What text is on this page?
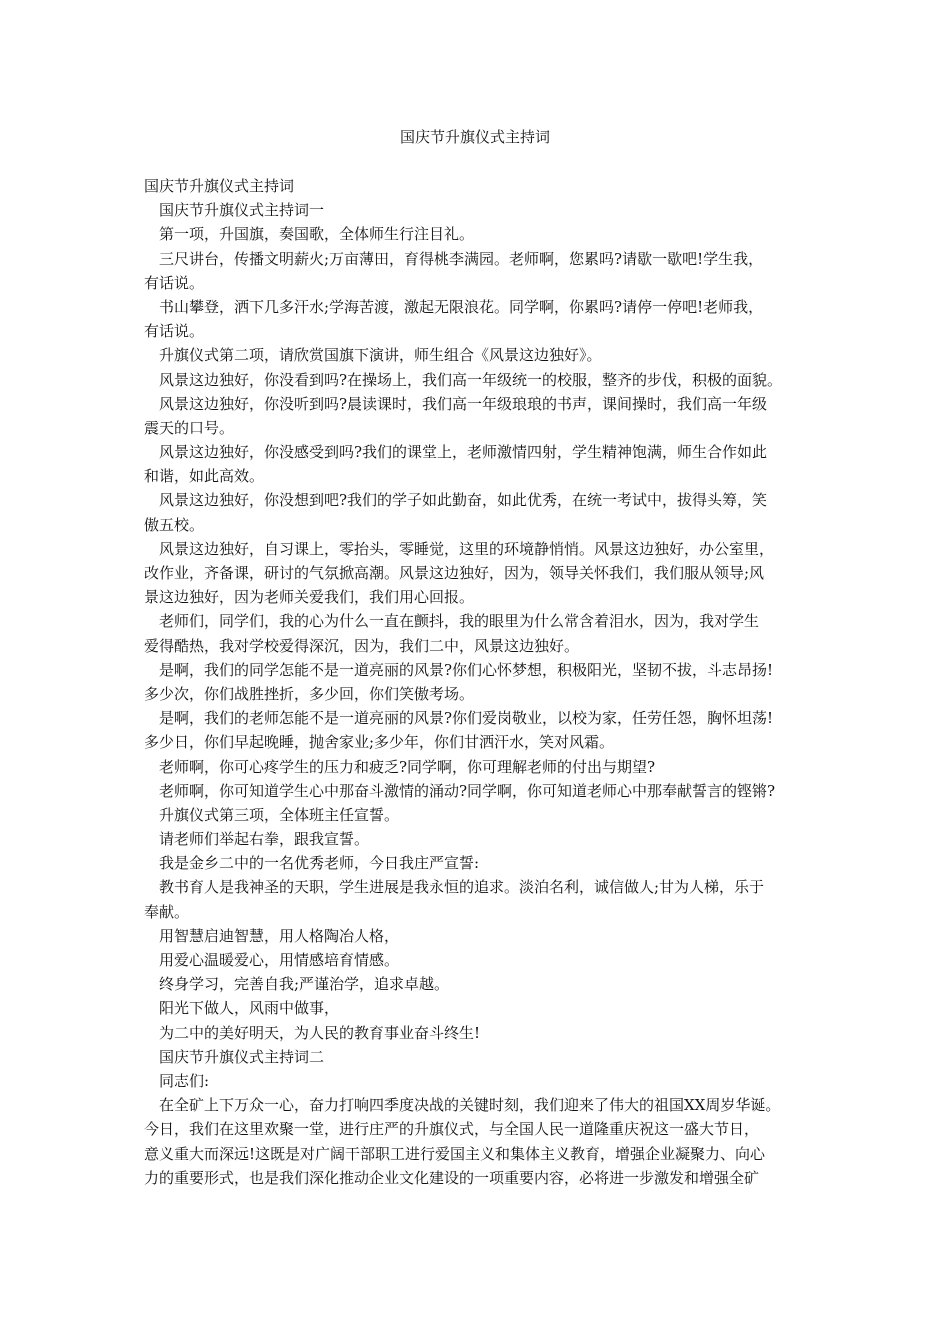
国庆节升旗仪式主持词
国庆节升旗仪式主持词
国庆节升旗仪式主持词一
第一项，升国旗，奏国歌，全体师生行注目礼。
三尺讲台，传播文明薪火;万亩薄田，育得桃李满园。老师啊，您累吗?请歇一歇吧!学生我，
有话说。
书山攀登，洒下几多汗水;学海苦渡，激起无限浪花。同学啊，你累吗?请停一停吧!老师我，
有话说。
升旗仪式第二项，请欣赏国旗下演讲，师生组合《风景这边独好》。
风景这边独好，你没看到吗?在操场上，我们高一年级统一的校服，整齐的步伐，积极的面貌。
风景这边独好，你没听到吗?晨读课时，我们高一年级琅琅的书声，课间操时，我们高一年级
震天的口号。
风景这边独好，你没感受到吗?我们的课堂上，老师激情四射，学生精神饱满，师生合作如此
和谐，如此高效。
风景这边独好，你没想到吧?我们的学子如此勤奋，如此优秀，在统一考试中，拔得头筹，笑
傲五校。
风景这边独好，自习课上，零抬头，零睡觉，这里的环境静悄悄。风景这边独好，办公室里，
改作业，齐备课，研讨的气氛掀高潮。风景这边独好，因为，领导关怀我们，我们服从领导;风
景这边独好，因为老师关爱我们，我们用心回报。
老师们，同学们，我的心为什么一直在颤抖，我的眼里为什么常含着泪水，因为，我对学生
爱得酷热，我对学校爱得深沉，因为，我们二中，风景这边独好。
是啊，我们的同学怎能不是一道亮丽的风景?你们心怀梦想，积极阳光，坚韧不拔，斗志昂扬!
多少次，你们战胜挫折，多少回，你们笑傲考场。
是啊，我们的老师怎能不是一道亮丽的风景?你们爱岗敬业，以校为家，任劳任怨，胸怀坦荡!
多少日，你们早起晚睡，抛舍家业;多少年，你们甘洒汗水，笑对风霜。
老师啊，你可心疼学生的压力和疲乏?同学啊，你可理解老师的付出与期望?
老师啊，你可知道学生心中那奋斗激情的涌动?同学啊，你可知道老师心中那奉献誓言的铿锵?
升旗仪式第三项，全体班主任宣誓。
请老师们举起右拳，跟我宣誓。
我是金乡二中的一名优秀老师，今日我庄严宣誓:
教书育人是我神圣的天职，学生进展是我永恒的追求。淡泊名利，诚信做人;甘为人梯，乐于
奉献。
用智慧启迪智慧，用人格陶冶人格，
用爱心温暖爱心，用情感培育情感。
终身学习，完善自我;严谨治学，追求卓越。
阳光下做人，风雨中做事，
为二中的美好明天，为人民的教育事业奋斗终生!
国庆节升旗仪式主持词二
同志们:
在全矿上下万众一心，奋力打响四季度决战的关键时刻，我们迎来了伟大的祖国XX周岁华诞。
今日，我们在这里欢聚一堂，进行庄严的升旗仪式，与全国人民一道隆重庆祝这一盛大节日，
意义重大而深远!这既是对广阔干部职工进行爱国主义和集体主义教育，增强企业凝聚力、向心
力的重要形式，也是我们深化推动企业文化建设的一项重要内容，必将进一步激发和增强全矿
